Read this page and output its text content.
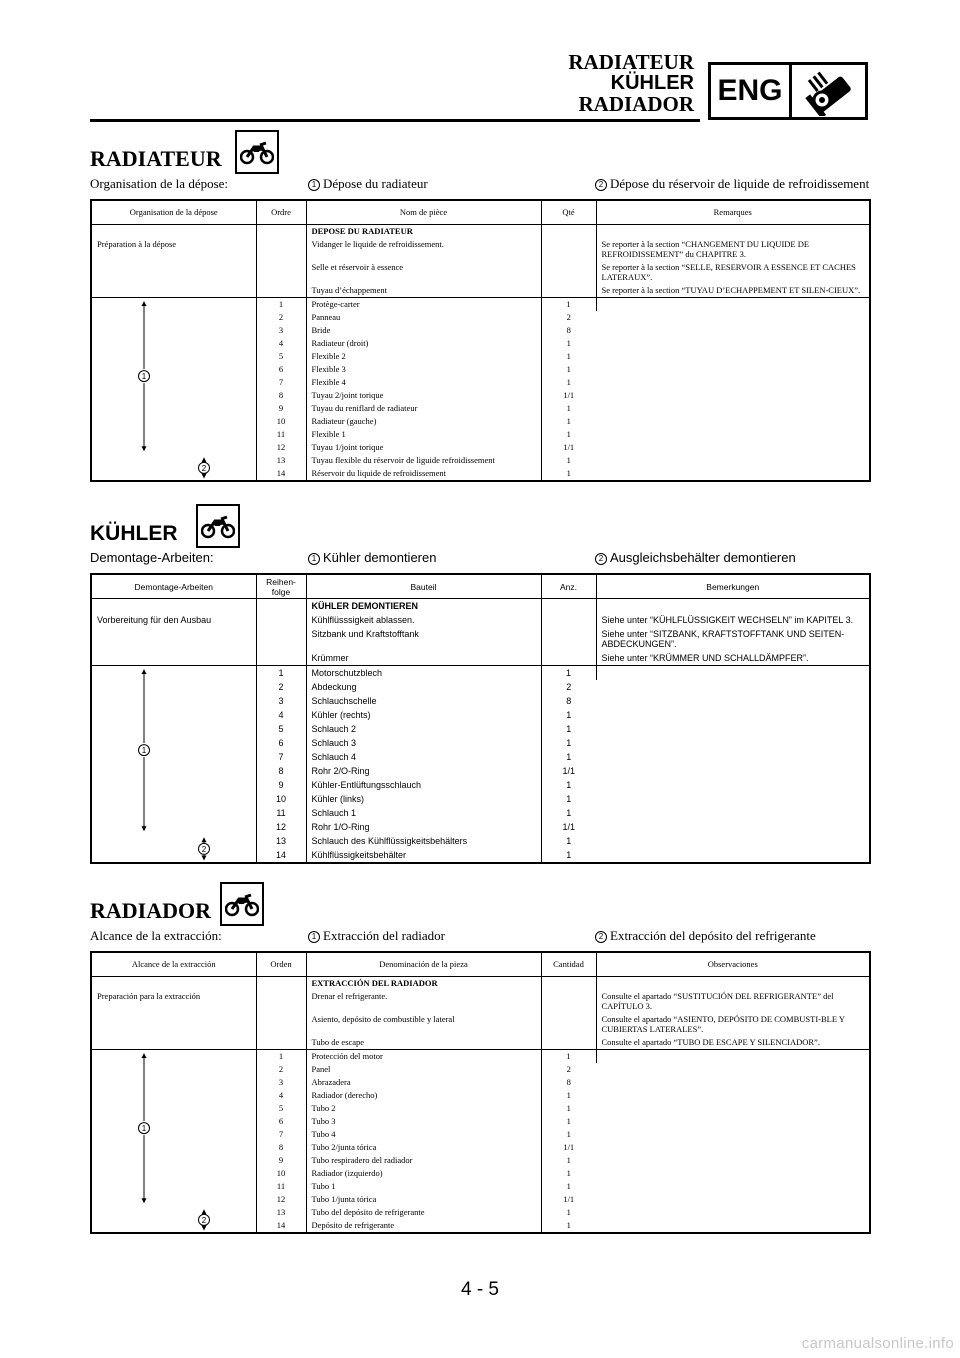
RADIATEUR
KÜHLER
RADIADOR ENG
RADIATEUR
Organisation de la dépose:	1 Dépose du radiateur	2 Dépose du réservoir de liquide de refroidissement
Organisation de la dépose	Ordre	Nom de pièce	Qté	Remarques
		DEPOSE DU RADIATEUR		
Préparation à la dépose		Vidanger le liquide de refroidissement.		Se reporter à la section “CHANGEMENT DU LIQUIDE DE REFROIDISSEMENT” du CHAPITRE 3.
		Selle et réservoir à essence		Se reporter à la section “SELLE, RESERVOIR A ESSENCE ET CACHES LATERAUX”.
		Tuyau d’échappement		Se reporter à la section “TUYAU D’ECHAPPEMENT ET SILEN-CIEUX”.

1
2	1	Protège-carter	1	
	2	Panneau	2	
	3	Bride	8	
	4	Radiateur (droit)	1	
	5	Flexible 2	1	
	6	Flexible 3	1	
	7	Flexible 4	1	
	8	Tuyau 2/joint torique	1/1	
	9	Tuyau du reniflard de radiateur	1	
	10	Radiateur (gauche)	1	
	11	Flexible 1	1	
	12	Tuyau 1/joint torique	1/1	
	13	Tuyau flexible du réservoir de liguide refroidissement	1	
	14	Réservoir du liquide de refroidissement	1	
KÜHLER
Demontage-Arbeiten:	1 Kühler demontieren	2 Ausgleichsbehälter demontieren
Demontage-Arbeiten	Reihen-folge	Bauteil	Anz.	Bemerkungen
		KÜHLER DEMONTIEREN		
Vorbereitung für den Ausbau		Kühlflüsssigkeit ablassen.		Siehe unter “KÜHLFLÜSSIGKEIT WECHSELN” im KAPITEL 3.
		Sitzbank und Kraftstofftank		Siehe unter “SITZBANK, KRAFTSTOFFTANK UND SEITEN-ABDECKUNGEN”.
		Krümmer		Siehe unter “KRÜMMER UND SCHALLDÄMPFER”.

1
2	1	Motorschutzblech	1	
	2	Abdeckung	2	
	3	Schlauchschelle	8	
	4	Kühler (rechts)	1	
	5	Schlauch 2	1	
	6	Schlauch 3	1	
	7	Schlauch 4	1	
	8	Rohr 2/O-Ring	1/1	
	9	Kühler-Entlüftungsschlauch	1	
	10	Kühler (links)	1	
	11	Schlauch 1	1	
	12	Rohr 1/O-Ring	1/1	
	13	Schlauch des Kühlflüssigkeitsbehälters	1	
	14	Kühlflüssigkeitsbehälter	1	
RADIADOR
Alcance de la extracción:	1 Extracción del radiador	2 Extracción del depósito del refrigerante
Alcance de la extracción	Orden	Denominación de la pieza	Cantidad	Observaciones
		EXTRACCIÓN DEL RADIADOR		
Preparación para la extracción		Drenar el refrigerante.		Consulte el apartado “SUSTITUCIÓN DEL REFRIGERANTE” del CAPÍTULO 3.
		Asiento, depósito de combustible y lateral		Consulte el apartado “ASIENTO, DEPÓSITO DE COMBUSTI-BLE Y CUBIERTAS LATERALES”.
		Tubo de escape		Consulte el apartado “TUBO DE ESCAPE Y SILENCIADOR”.

1
2	1	Protección del motor	1	
	2	Panel	2	
	3	Abrazadera	8	
	4	Radiador (derecho)	1	
	5	Tubo 2	1	
	6	Tubo 3	1	
	7	Tubo 4	1	
	8	Tubo 2/junta tórica	1/1	
	9	Tubo respiradero del radiador	1	
	10	Radiador (izquierdo)	1	
	11	Tubo 1	1	
	12	Tubo 1/junta tórica	1/1	
	13	Tubo del depósito de refrigerante	1	
	14	Depósito de refrigerante	1	
4 - 5
carmanualsonline.info
